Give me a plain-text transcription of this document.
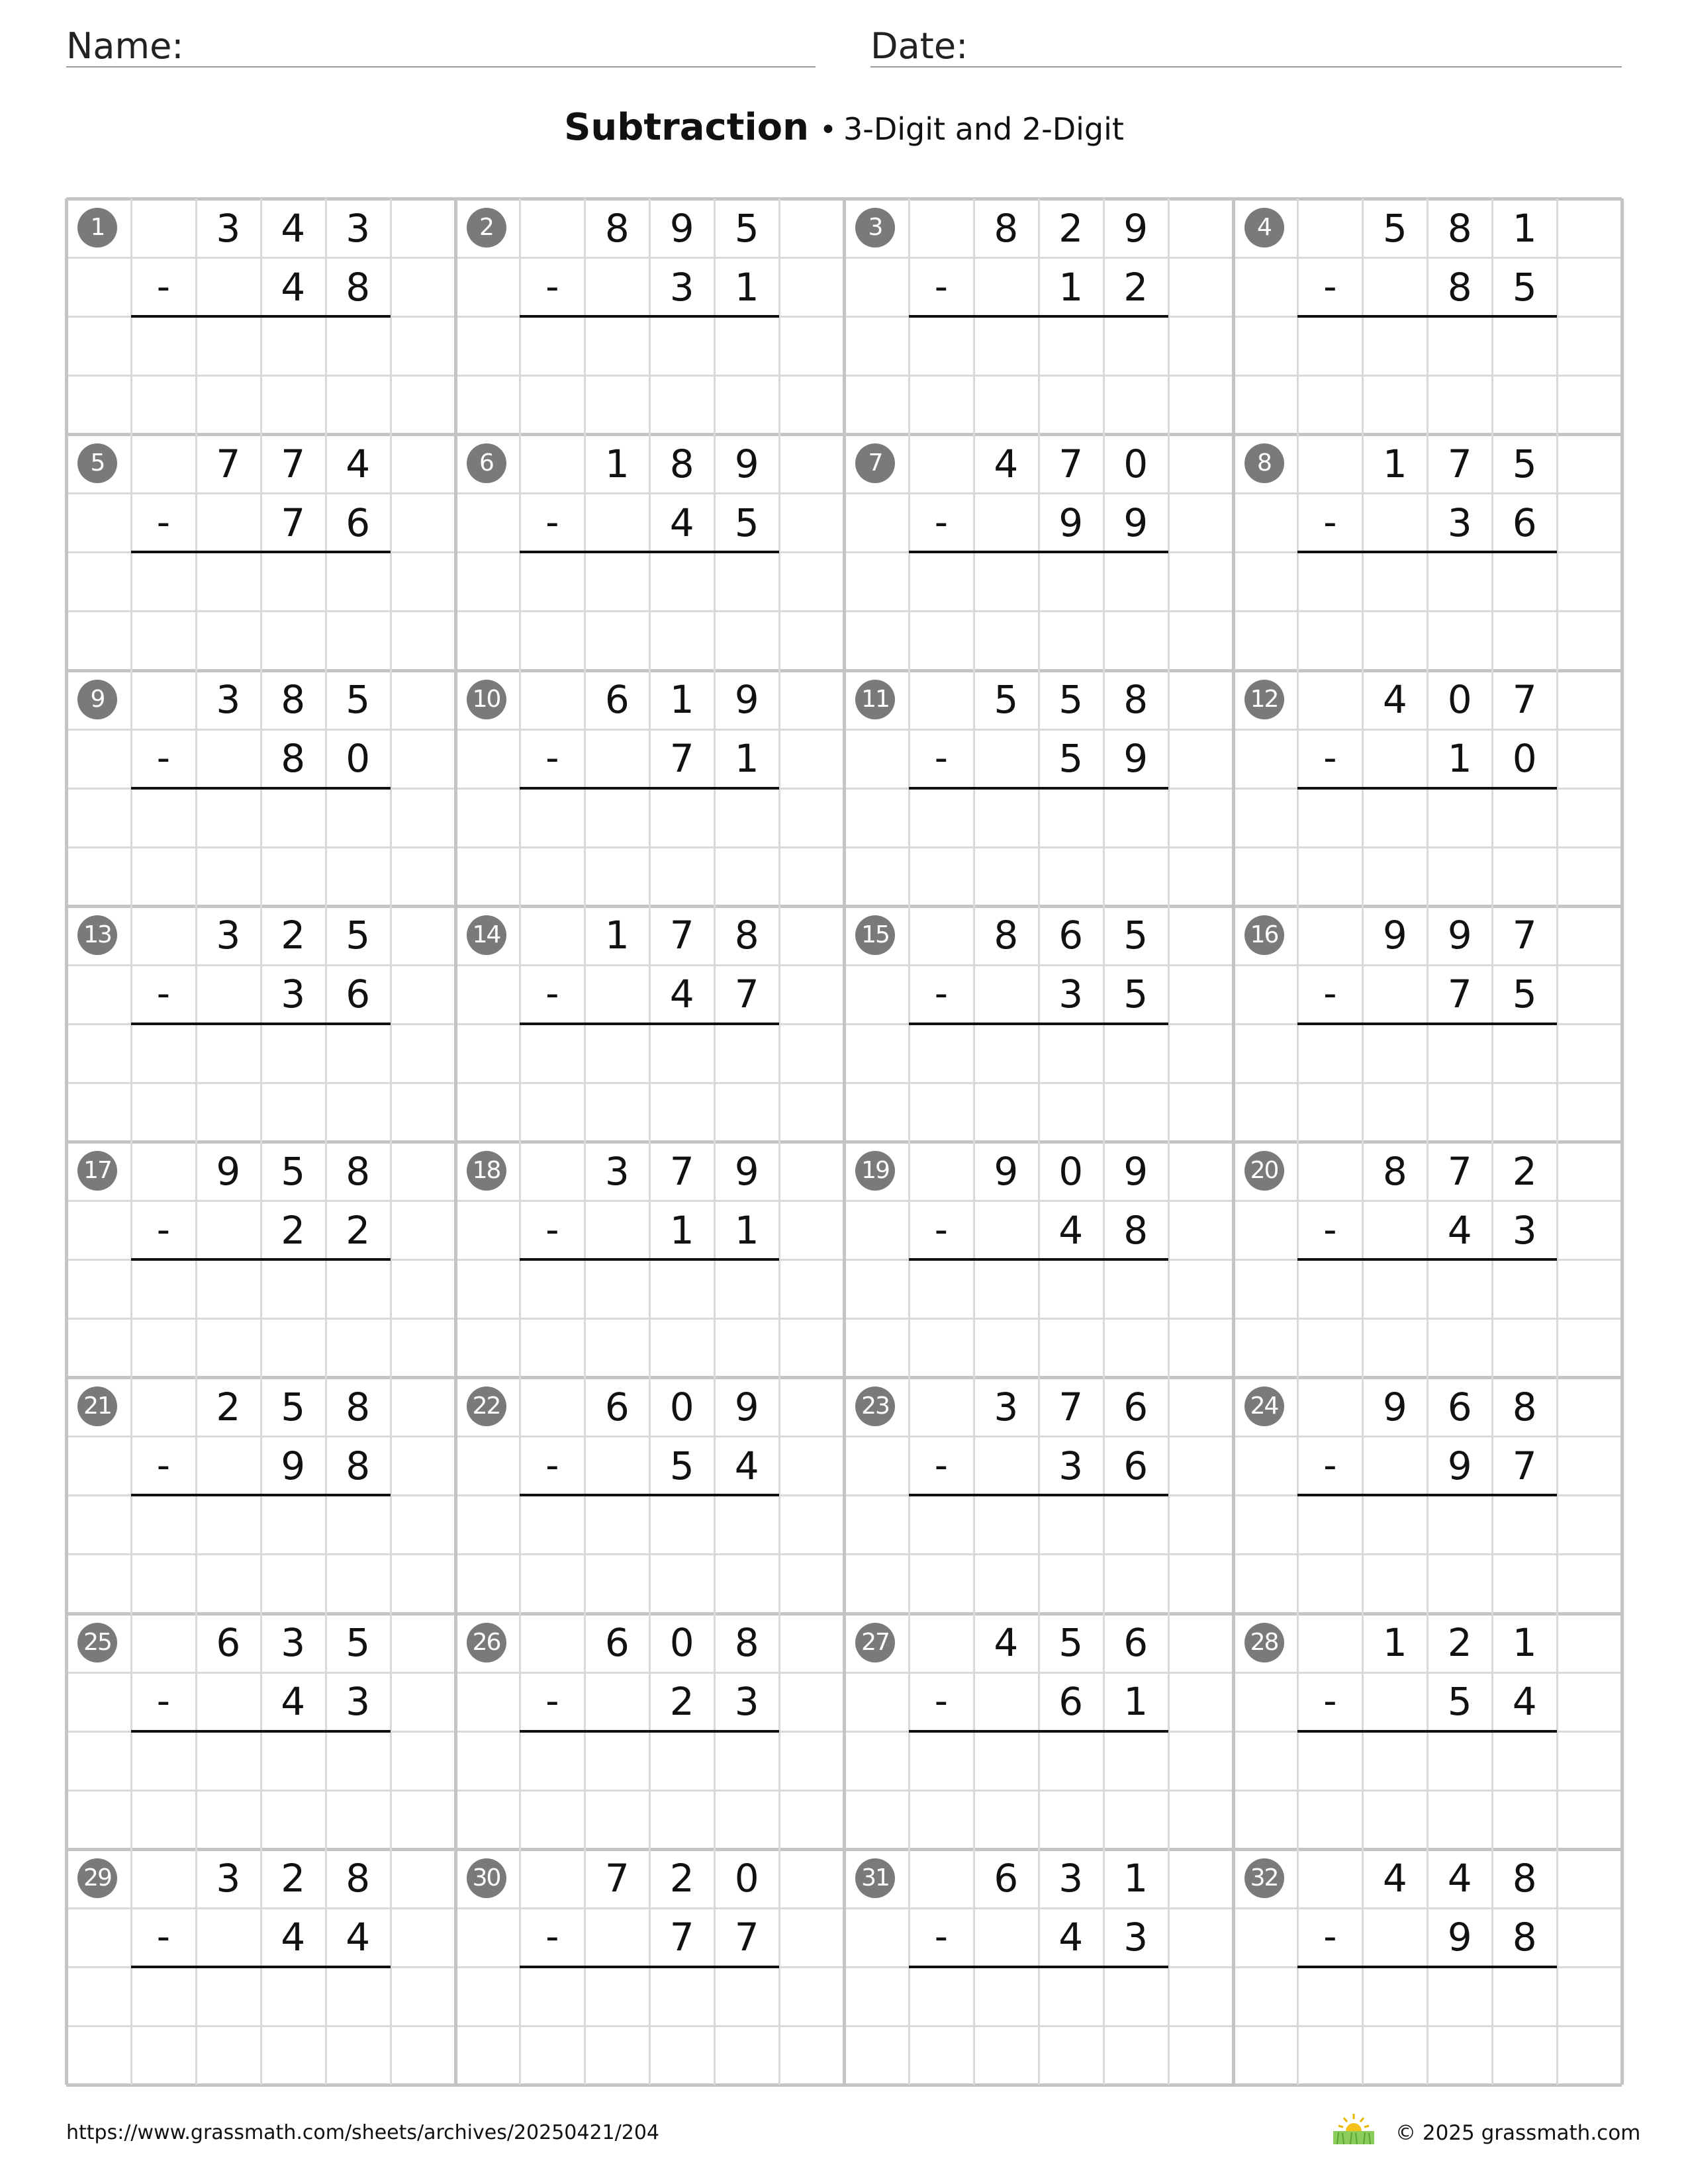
Name:	Date:
Subtraction • 3-Digit and 2-Digit
1	3	4	3
-	4	8
2	8	9	5
-	3	1
3	8	2	9
-	1	2
4	5	8	1
-	8	5
5	7	7	4
-	7	6
6	1	8	9
-	4	5
7	4	7	0
-	9	9
8	1	7	5
-	3	6
9	3	8	5
-	8	0
10	6	1	9
-	7	1
11	5	5	8
-	5	9
12	4	0	7
-	1	0
13	3	2	5
-	3	6
14	1	7	8
-	4	7
15	8	6	5
-	3	5
16	9	9	7
-	7	5
17	9	5	8
-	2	2
18	3	7	9
-	1	1
19	9	0	9
-	4	8
20	8	7	2
-	4	3
21	2	5	8
-	9	8
22	6	0	9
-	5	4
23	3	7	6
-	3	6
24	9	6	8
-	9	7
25	6	3	5
-	4	3
26	6	0	8
-	2	3
27	4	5	6
-	6	1
28	1	2	1
-	5	4
29	3	2	8
-	4	4
30	7	2	0
-	7	7
31	6	3	1
-	4	3
32	4	4	8
-	9	8
https://www.grassmath.com/sheets/archives/20250421/204	© 2025 grassmath.com
